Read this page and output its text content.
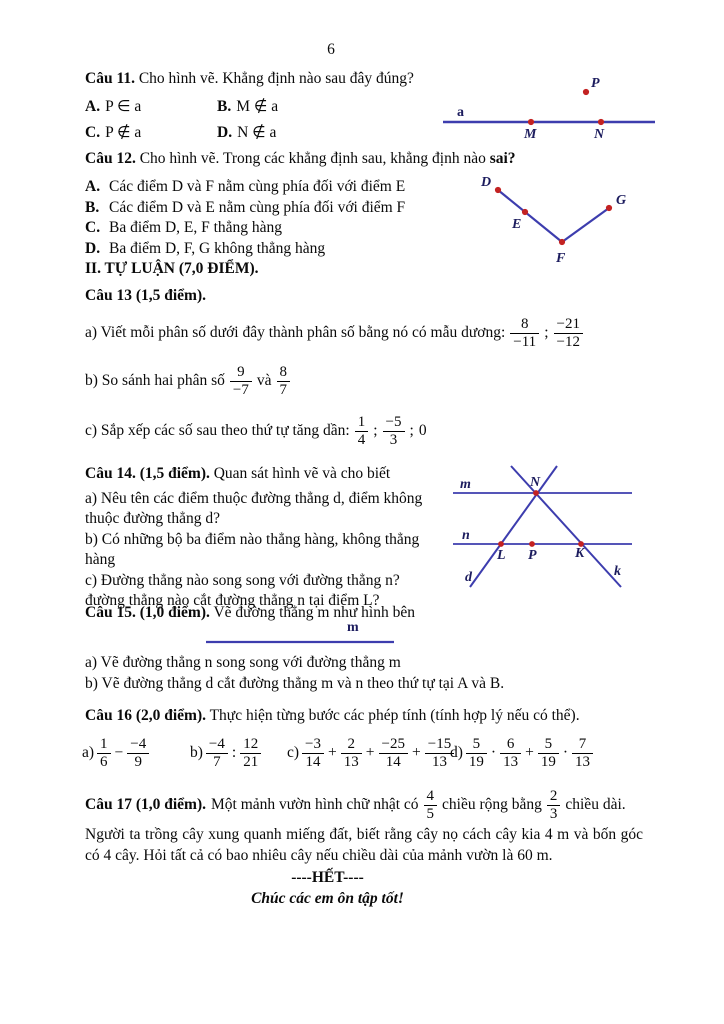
6
Câu 11. Cho hình vẽ. Khẳng định nào sau đây đúng?
A. P ∈ a	B. M ∉ a
C. P ∉ a	D. N ∉ a
a
M	N
P
Câu 12. Cho hình vẽ. Trong các khẳng định sau, khẳng định nào sai?
A. Các điểm D và F nằm cùng phía đối với điểm E
B. Các điểm D và E nằm cùng phía đối với điểm F
C. Ba điểm D, E, F thẳng hàng
D. Ba điểm D, F, G không thẳng hàng
D
E
F
G
II. TỰ LUẬN (7,0 ĐIỂM).
Câu 13 (1,5 điểm).
a) Viết mỗi phân số dưới đây thành phân số bằng nó có mẫu dương: $\frac{8}{-11}$ ; $\frac{-21}{-12}$
b) So sánh hai phân số $\frac{9}{-7}$ và $\frac{8}{7}$
c) Sắp xếp các số sau theo thứ tự tăng dần: $\frac{1}{4}$ ; $\frac{-5}{3}$ ; 0
Câu 14. (1,5 điểm). Quan sát hình vẽ và cho biết
a) Nêu tên các điểm thuộc đường thẳng d, điểm không thuộc đường thẳng d?
b) Có những bộ ba điểm nào thẳng hàng, không thẳng hàng
c) Đường thẳng nào song song với đường thẳng n? đường thẳng nào cắt đường thẳng n tại điểm L?
m
n
N
L P	K
d	k
Câu 15. (1,0 điểm). Vẽ đường thẳng m như hình bên
m
a) Vẽ đường thẳng n song song với đường thẳng m
b) Vẽ đường thẳng d cắt đường thẳng m và n theo thứ tự tại A và B.
Câu 16 (2,0 điểm). Thực hiện từng bước các phép tính (tính hợp lý nếu có thể).
$a) \frac{1}{6} - \frac{-4}{9}$	$b) \frac{-4}{7}$ : $\frac{12}{21} c) \frac{-3}{14} + \frac{2}{13} + \frac{-25}{14} + \frac{-15}{13}$
$d) \frac{5}{19} \cdot \frac{6}{13} + \frac{5}{19} \cdot \frac{7}{13}$
Câu 17 (1,0 điểm). Một mảnh vườn hình chữ nhật có $\frac{4}{5}$ chiều rộng bằng $\frac{2}{3}$ chiều dài.
Người ta trồng cây xung quanh miếng đất, biết rằng cây nọ cách cây kia 4 m và bốn góc có 4 cây. Hỏi tất cả có bao nhiêu cây nếu chiều dài của mảnh vườn là 60 m.
----HẾT----
Chúc các em ôn tập tốt!
